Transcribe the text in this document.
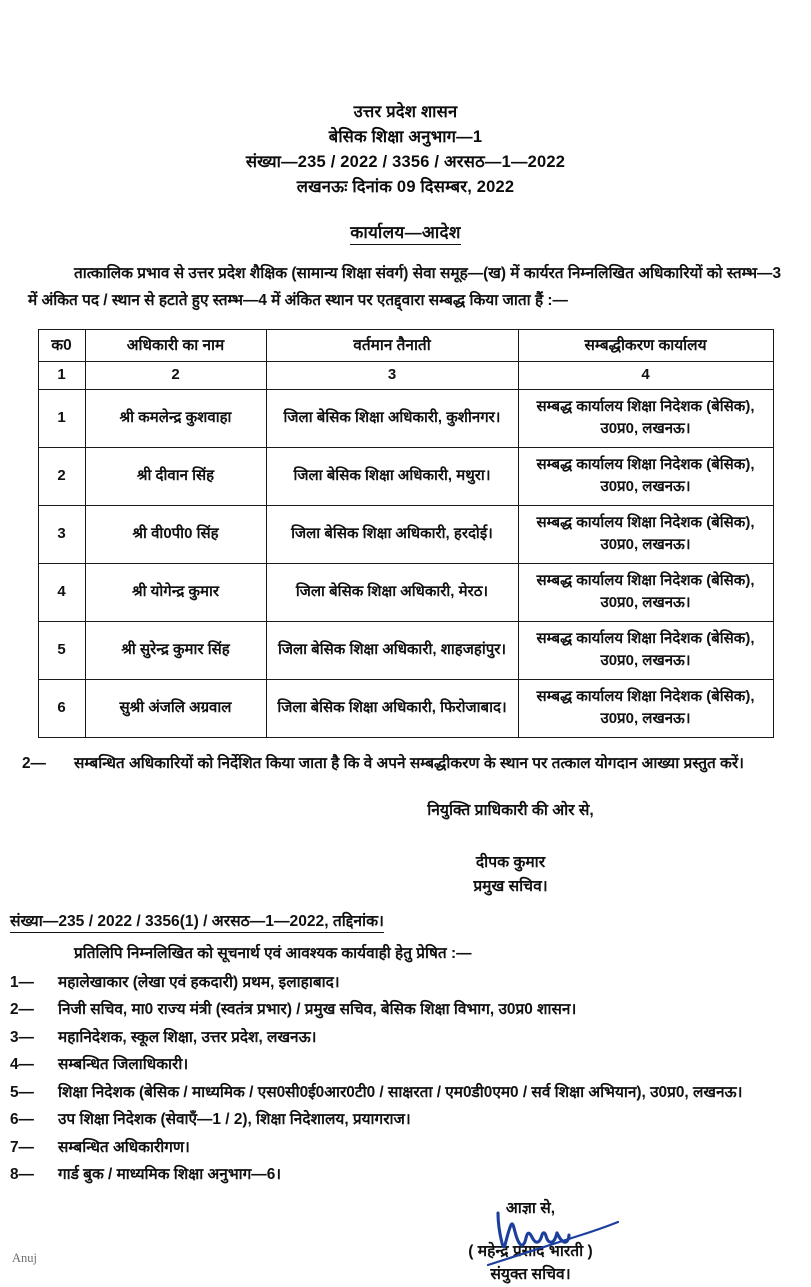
उत्तर प्रदेश शासन
बेसिक शिक्षा अनुभाग—1
संख्या—235 / 2022 / 3356 / अरसठ—1—2022
लखनऊः दिनांक 09 दिसम्बर, 2022
कार्यालय—आदेश

तात्कालिक प्रभाव से उत्तर प्रदेश शैक्षिक (सामान्य शिक्षा संवर्ग) सेवा समूह—(ख) में कार्यरत निम्नलिखित अधिकारियों को स्तम्भ—3 में अंकित पद / स्थान से हटाते हुए स्तम्भ—4 में अंकित स्थान पर एतद्द्वारा सम्बद्ध किया जाता हैं :—

क0	अधिकारी का नाम	वर्तमान तैनाती	सम्बद्धीकरण कार्यालय
1	2	3	4
1	श्री कमलेन्द्र कुशवाहा	जिला बेसिक शिक्षा अधिकारी, कुशीनगर।	सम्बद्ध कार्यालय शिक्षा निदेशक (बेसिक), उ0प्र0, लखनऊ।
2	श्री दीवान सिंह	जिला बेसिक शिक्षा अधिकारी, मथुरा।	सम्बद्ध कार्यालय शिक्षा निदेशक (बेसिक), उ0प्र0, लखनऊ।
3	श्री वी0पी0 सिंह	जिला बेसिक शिक्षा अधिकारी, हरदोई।	सम्बद्ध कार्यालय शिक्षा निदेशक (बेसिक), उ0प्र0, लखनऊ।
4	श्री योगेन्द्र कुमार	जिला बेसिक शिक्षा अधिकारी, मेरठ।	सम्बद्ध कार्यालय शिक्षा निदेशक (बेसिक), उ0प्र0, लखनऊ।
5	श्री सुरेन्द्र कुमार सिंह	जिला बेसिक शिक्षा अधिकारी, शाहजहांपुर।	सम्बद्ध कार्यालय शिक्षा निदेशक (बेसिक), उ0प्र0, लखनऊ।
6	सुश्री अंजलि अग्रवाल	जिला बेसिक शिक्षा अधिकारी, फिरोजाबाद।	सम्बद्ध कार्यालय शिक्षा निदेशक (बेसिक), उ0प्र0, लखनऊ।

2— सम्बन्धित अधिकारियों को निर्देशित किया जाता है कि वे अपने सम्बद्धीकरण के स्थान पर तत्काल योगदान आख्या प्रस्तुत करें।

नियुक्ति प्राधिकारी की ओर से,
दीपक कुमार
प्रमुख सचिव।
संख्या—235 / 2022 / 3356(1) / अरसठ—1—2022, तद्दिनांक।

प्रतिलिपि निम्नलिखित को सूचनार्थ एवं आवश्यक कार्यवाही हेतु प्रेषित :—

1—	महालेखाकार (लेखा एवं हकदारी) प्रथम, इलाहाबाद।
2—	निजी सचिव, मा0 राज्य मंत्री (स्वतंत्र प्रभार) / प्रमुख सचिव, बेसिक शिक्षा विभाग, उ0प्र0 शासन।
3—	महानिदेशक, स्कूल शिक्षा, उत्तर प्रदेश, लखनऊ।
4—	सम्बन्धित जिलाधिकारी।
5—	शिक्षा निदेशक (बेसिक / माध्यमिक / एस0सी0ई0आर0टी0 / साक्षरता / एम0डी0एम0 / सर्व शिक्षा अभियान), उ0प्र0, लखनऊ।
6—	उप शिक्षा निदेशक (सेवाएँ—1 / 2), शिक्षा निदेशालय, प्रयागराज।
7—	सम्बन्धित अधिकारीगण।
8—	गार्ड बुक / माध्यमिक शिक्षा अनुभाग—6।
आज्ञा से,
( महेन्द्र प्रसाद भारती )
संयुक्त सचिव।
Anuj
